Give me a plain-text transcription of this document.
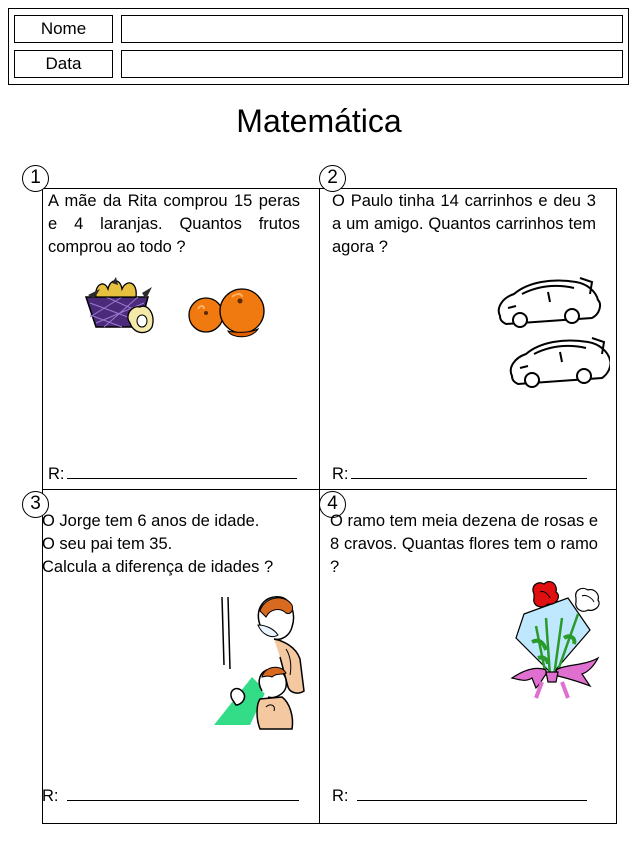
Nome
Data
Matemática
1

A mãe da Rita comprou 15 peras e 4 laranjas. Quantos frutos comprou ao todo ?

R:
2

O Paulo tinha 14 carrinhos e deu 3 a um amigo. Quantos carrinhos tem agora ?

R:
3
O Jorge tem 6 anos de idade.
O seu pai tem 35.
Calcula a diferença de idades ?
R:
4

O ramo tem meia dezena de rosas e 8 cravos. Quantas flores tem o ramo ?

R:
